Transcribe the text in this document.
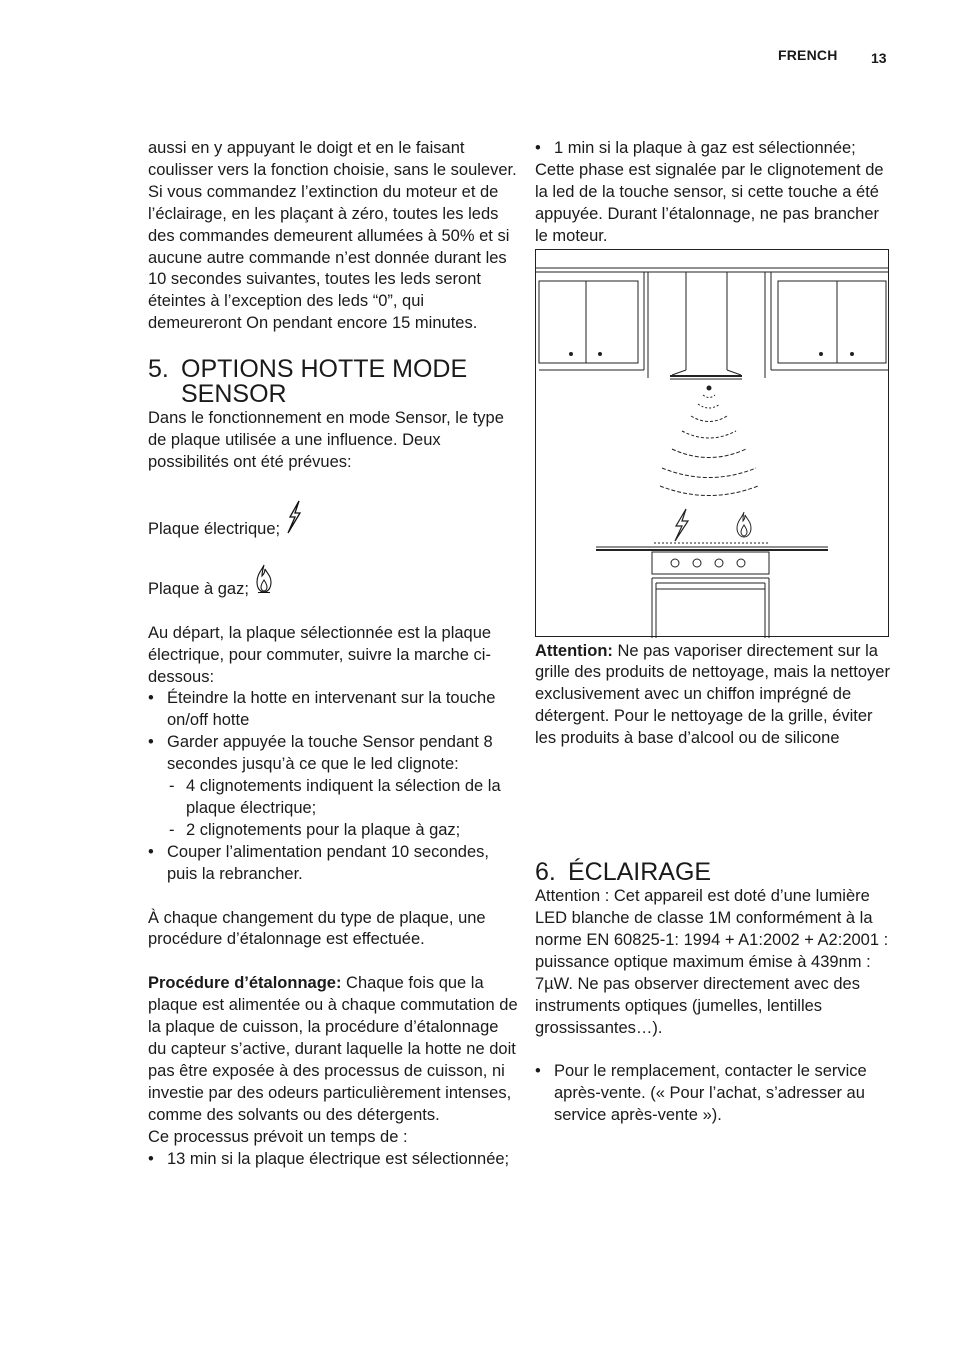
FRENCH 13

aussi en y appuyant le doigt et en le faisant coulisser vers la fonction choisie, sans le soulever. Si vous commandez l’extinction du moteur et de l’éclairage, en les plaçant à zéro, toutes les leds des commandes demeurent allumées à 50% et si aucune autre commande n’est donnée durant les 10 secondes suivantes, toutes les leds seront éteintes à l’exception des leds “0”, qui demeureront On pendant encore 15 minutes.

5. OPTIONS HOTTE MODE SENSOR

Dans le fonctionnement en mode Sensor, le type de plaque utilisée a une influence. Deux possibilités ont été prévues:

Plaque électrique;

Plaque à gaz;

Au départ, la plaque sélectionnée est la plaque électrique, pour commuter, suivre la marche ci-dessous:

• Éteindre la hotte en intervenant sur la touche on/off hotte
• Garder appuyée la touche Sensor pendant 8 secondes jusqu’à ce que le led clignote:
- 4 clignotements indiquent la sélection de la plaque électrique;
- 2 clignotements pour la plaque à gaz;
• Couper l’alimentation pendant 10 secondes, puis la rebrancher.

À chaque changement du type de plaque, une procédure d’étalonnage est effectuée.

Procédure d’étalonnage: Chaque fois que la plaque est alimentée ou à chaque commutation de la plaque de cuisson, la procédure d’étalonnage du capteur s’active, durant laquelle la hotte ne doit pas être exposée à des processus de cuisson, ni investie par des odeurs particulièrement intenses, comme des solvants ou des détergents.

Ce processus prévoit un temps de :

• 13 min si la plaque électrique est sélectionnée;
• 1 min si la plaque à gaz est sélectionnée;

Cette phase est signalée par le clignotement de la led de la touche sensor, si cette touche a été appuyée. Durant l’étalonnage, ne pas brancher le moteur.

Attention: Ne pas vaporiser directement sur la grille des produits de nettoyage, mais la nettoyer exclusivement avec un chiffon imprégné de détergent. Pour le nettoyage de la grille, éviter les produits à base d’alcool ou de silicone

6. ÉCLAIRAGE

Attention : Cet appareil est doté d’une lumière LED blanche de classe 1M conformément à la norme EN 60825-1: 1994 + A1:2002 + A2:2001 : puissance optique maximum émise à 439nm : 7µW. Ne pas observer directement avec des instruments optiques (jumelles, lentilles grossissantes…).

• Pour le remplacement, contacter le service après-vente. (« Pour l’achat, s’adresser au service après-vente »).
